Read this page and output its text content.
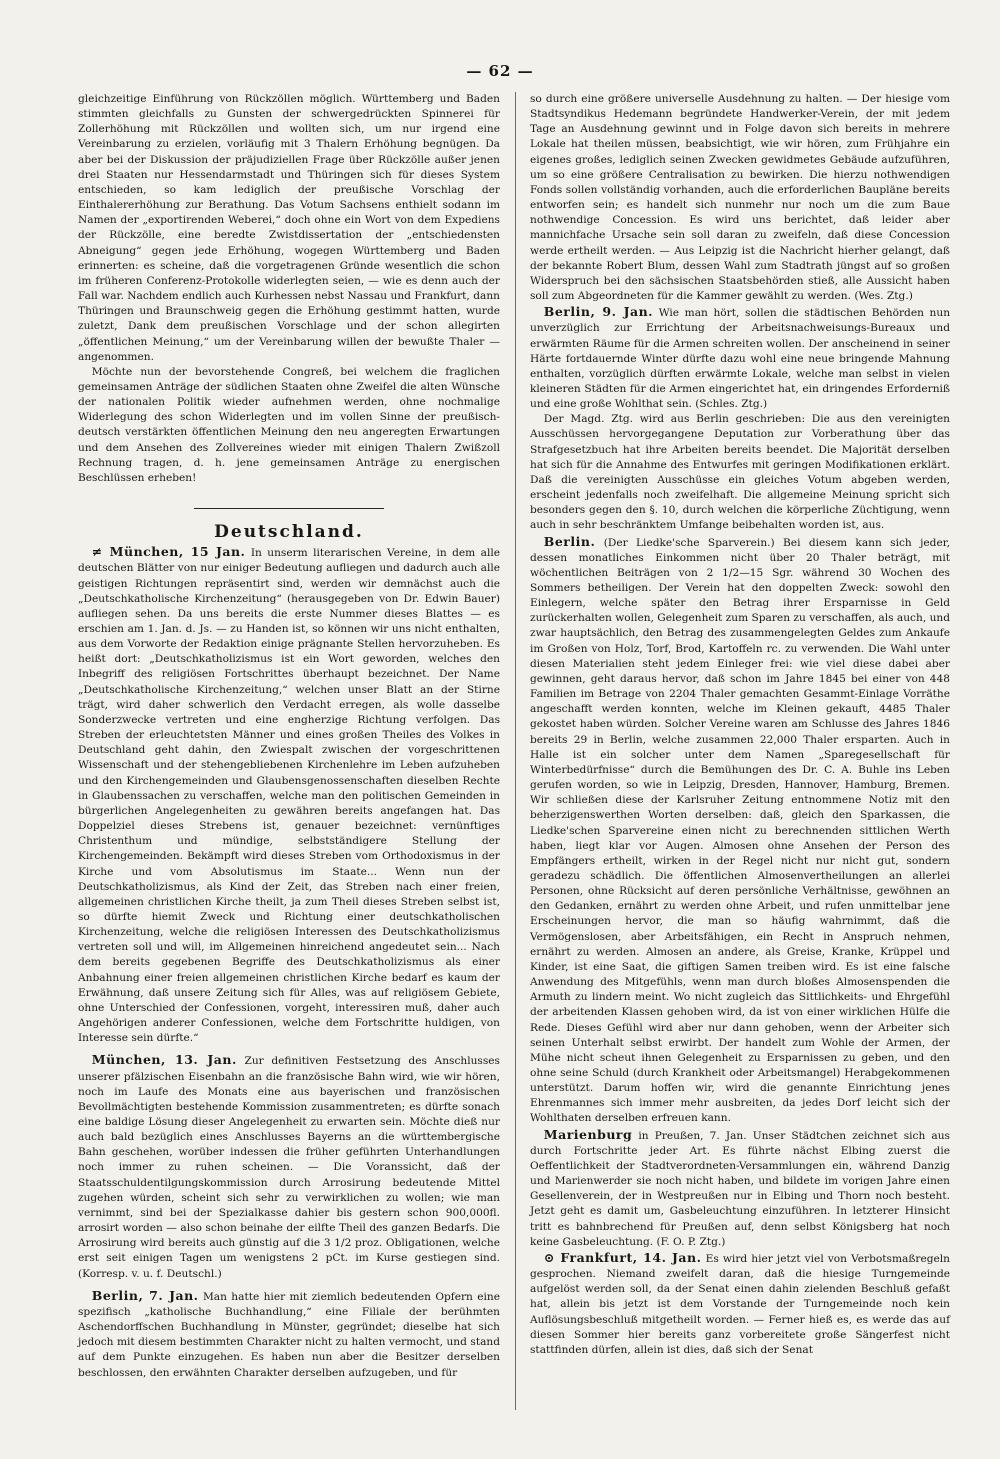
— 62 —

gleichzeitige Einführung von Rückzöllen möglich. Württemberg und Baden stimmten gleichfalls zu Gunsten der schwergedrückten Spinnerei für Zollerhöhung mit Rückzöllen und wollten sich, um nur irgend eine Vereinbarung zu erzielen, vorläufig mit 3 Thalern Erhöhung begnügen. Da aber bei der Diskussion der präjudiziellen Frage über Rückzölle außer jenen drei Staaten nur Hessendarmstadt und Thüringen sich für dieses System entschieden, so kam lediglich der preußische Vorschlag der Einthalererhöhung zur Berathung. Das Votum Sachsens enthielt sodann im Namen der „exportirenden Weberei,“ doch ohne ein Wort von dem Expediens der Rückzölle, eine beredte Zwistdissertation der „entschiedensten Abneigung“ gegen jede Erhöhung, wogegen Württemberg und Baden erinnerten: es scheine, daß die vorgetragenen Gründe wesentlich die schon im früheren Conferenz-Protokolle widerlegten seien, — wie es denn auch der Fall war. Nachdem endlich auch Kurhessen nebst Nassau und Frankfurt, dann Thüringen und Braunschweig gegen die Erhöhung gestimmt hatten, wurde zuletzt, Dank dem preußischen Vorschlage und der schon allegirten „öffentlichen Meinung,“ um der Vereinbarung willen der bewußte Thaler — angenommen.

Möchte nun der bevorstehende Congreß, bei welchem die fraglichen gemeinsamen Anträge der südlichen Staaten ohne Zweifel die alten Wünsche der nationalen Politik wieder aufnehmen werden, ohne nochmalige Widerlegung des schon Widerlegten und im vollen Sinne der preußisch-deutsch verstärkten öffentlichen Meinung den neu angeregten Erwartungen und dem Ansehen des Zollvereines wieder mit einigen Thalern Zwißzoll Rechnung tragen, d. h. jene gemeinsamen Anträge zu energischen Beschlüssen erheben!

Deutschland.

≠ München, 15 Jan. In unserm literarischen Vereine, in dem alle deutschen Blätter von nur einiger Bedeutung aufliegen und dadurch auch alle geistigen Richtungen repräsentirt sind, werden wir demnächst auch die „Deutschkatholische Kirchenzeitung“ (herausgegeben von Dr. Edwin Bauer) aufliegen sehen. Da uns bereits die erste Nummer dieses Blattes — es erschien am 1. Jan. d. Js. — zu Handen ist, so können wir uns nicht enthalten, aus dem Vorworte der Redaktion einige prägnante Stellen hervorzuheben. Es heißt dort: „Deutschkatholizismus ist ein Wort geworden, welches den Inbegriff des religiösen Fortschrittes überhaupt bezeichnet. Der Name „Deutschkatholische Kirchenzeitung,“ welchen unser Blatt an der Stirne trägt, wird daher schwerlich den Verdacht erregen, als wolle dasselbe Sonderzwecke vertreten und eine engherzige Richtung verfolgen. Das Streben der erleuchtetsten Männer und eines großen Theiles des Volkes in Deutschland geht dahin, den Zwiespalt zwischen der vorgeschrittenen Wissenschaft und der stehengebliebenen Kirchenlehre im Leben aufzuheben und den Kirchengemeinden und Glaubensgenossenschaften dieselben Rechte in Glaubenssachen zu verschaffen, welche man den politischen Gemeinden in bürgerlichen Angelegenheiten zu gewähren bereits angefangen hat. Das Doppelziel dieses Strebens ist, genauer bezeichnet: vernünftiges Christenthum und mündige, selbstständigere Stellung der Kirchengemeinden. Bekämpft wird dieses Streben vom Orthodoxismus in der Kirche und vom Absolutismus im Staate... Wenn nun der Deutschkatholizismus, als Kind der Zeit, das Streben nach einer freien, allgemeinen christlichen Kirche theilt, ja zum Theil dieses Streben selbst ist, so dürfte hiemit Zweck und Richtung einer deutschkatholischen Kirchenzeitung, welche die religiösen Interessen des Deutschkatholizismus vertreten soll und will, im Allgemeinen hinreichend angedeutet sein... Nach dem bereits gegebenen Begriffe des Deutschkatholizismus als einer Anbahnung einer freien allgemeinen christlichen Kirche bedarf es kaum der Erwähnung, daß unsere Zeitung sich für Alles, was auf religiösem Gebiete, ohne Unterschied der Confessionen, vorgeht, interessiren muß, daher auch Angehörigen anderer Confessionen, welche dem Fortschritte huldigen, von Interesse sein dürfte.“

München, 13. Jan. Zur definitiven Festsetzung des Anschlusses unserer pfälzischen Eisenbahn an die französische Bahn wird, wie wir hören, noch im Laufe des Monats eine aus bayerischen und französischen Bevollmächtigten bestehende Kommission zusammentreten; es dürfte sonach eine baldige Lösung dieser Angelegenheit zu erwarten sein. Möchte dieß nur auch bald bezüglich eines Anschlusses Bayerns an die württembergische Bahn geschehen, worüber indessen die früher geführten Unterhandlungen noch immer zu ruhen scheinen. — Die Voranssicht, daß der Staatsschuldentilgungskommission durch Arrosirung bedeutende Mittel zugehen würden, scheint sich sehr zu verwirklichen zu wollen; wie man vernimmt, sind bei der Spezialkasse dahier bis gestern schon 900,000fl. arrosirt worden — also schon beinahe der eilfte Theil des ganzen Bedarfs. Die Arrosirung wird bereits auch günstig auf die 3 1/2 proz. Obligationen, welche erst seit einigen Tagen um wenigstens 2 pCt. im Kurse gestiegen sind. (Korresp. v. u. f. Deutschl.)

Berlin, 7. Jan. Man hatte hier mit ziemlich bedeutenden Opfern eine spezifisch „katholische Buchhandlung,“ eine Filiale der berühmten Aschendorffschen Buchhandlung in Münster, gegründet; dieselbe hat sich jedoch mit diesem bestimmten Charakter nicht zu halten vermocht, und stand auf dem Punkte einzugehen. Es haben nun aber die Besitzer derselben beschlossen, den erwähnten Charakter derselben aufzugeben, und für

so durch eine größere universelle Ausdehnung zu halten. — Der hiesige vom Stadtsyndikus Hedemann begründete Handwerker-Verein, der mit jedem Tage an Ausdehnung gewinnt und in Folge davon sich bereits in mehrere Lokale hat theilen müssen, beabsichtigt, wie wir hören, zum Frühjahre ein eigenes großes, lediglich seinen Zwecken gewidmetes Gebäude aufzuführen, um so eine größere Centralisation zu bewirken. Die hierzu nothwendigen Fonds sollen vollständig vorhanden, auch die erforderlichen Baupläne bereits entworfen sein; es handelt sich nunmehr nur noch um die zum Baue nothwendige Concession. Es wird uns berichtet, daß leider aber mannichfache Ursache sein soll daran zu zweifeln, daß diese Concession werde ertheilt werden. — Aus Leipzig ist die Nachricht hierher gelangt, daß der bekannte Robert Blum, dessen Wahl zum Stadtrath jüngst auf so großen Widerspruch bei den sächsischen Staatsbehörden stieß, alle Aussicht haben soll zum Abgeordneten für die Kammer gewählt zu werden. (Wes. Ztg.)

Berlin, 9. Jan. Wie man hört, sollen die städtischen Behörden nun unverzüglich zur Errichtung der Arbeitsnachweisungs-Bureaux und erwärmten Räume für die Armen schreiten wollen. Der anscheinend in seiner Härte fortdauernde Winter dürfte dazu wohl eine neue bringende Mahnung enthalten, vorzüglich dürften erwärmte Lokale, welche man selbst in vielen kleineren Städten für die Armen eingerichtet hat, ein dringendes Erforderniß und eine große Wohlthat sein. (Schles. Ztg.)

Der Magd. Ztg. wird aus Berlin geschrieben: Die aus den vereinigten Ausschüssen hervorgegangene Deputation zur Vorberathung über das Strafgesetzbuch hat ihre Arbeiten bereits beendet. Die Majorität derselben hat sich für die Annahme des Entwurfes mit geringen Modifikationen erklärt. Daß die vereinigten Ausschüsse ein gleiches Votum abgeben werden, erscheint jedenfalls noch zweifelhaft. Die allgemeine Meinung spricht sich besonders gegen den §. 10, durch welchen die körperliche Züchtigung, wenn auch in sehr beschränktem Umfange beibehalten worden ist, aus.

Berlin. (Der Liedke'sche Sparverein.) Bei diesem kann sich jeder, dessen monatliches Einkommen nicht über 20 Thaler beträgt, mit wöchentlichen Beiträgen von 2 1/2—15 Sgr. während 30 Wochen des Sommers betheiligen. Der Verein hat den doppelten Zweck: sowohl den Einlegern, welche später den Betrag ihrer Ersparnisse in Geld zurückerhalten wollen, Gelegenheit zum Sparen zu verschaffen, als auch, und zwar hauptsächlich, den Betrag des zusammengelegten Geldes zum Ankaufe im Großen von Holz, Torf, Brod, Kartoffeln rc. zu verwenden. Die Wahl unter diesen Materialien steht jedem Einleger frei: wie viel diese dabei aber gewinnen, geht daraus hervor, daß schon im Jahre 1845 bei einer von 448 Familien im Betrage von 2204 Thaler gemachten Gesammt-Einlage Vorräthe angeschafft werden konnten, welche im Kleinen gekauft, 4485 Thaler gekostet haben würden. Solcher Vereine waren am Schlusse des Jahres 1846 bereits 29 in Berlin, welche zusammen 22,000 Thaler ersparten. Auch in Halle ist ein solcher unter dem Namen „Sparegesellschaft für Winterbedürfnisse“ durch die Bemühungen des Dr. C. A. Buhle ins Leben gerufen worden, so wie in Leipzig, Dresden, Hannover, Hamburg, Bremen. Wir schließen diese der Karlsruher Zeitung entnommene Notiz mit den beherzigenswerthen Worten derselben: daß, gleich den Sparkassen, die Liedke'schen Sparvereine einen nicht zu berechnenden sittlichen Werth haben, liegt klar vor Augen. Almosen ohne Ansehen der Person des Empfängers ertheilt, wirken in der Regel nicht nur nicht gut, sondern geradezu schädlich. Die öffentlichen Almosenvertheilungen an allerlei Personen, ohne Rücksicht auf deren persönliche Verhältnisse, gewöhnen an den Gedanken, ernährt zu werden ohne Arbeit, und rufen unmittelbar jene Erscheinungen hervor, die man so häufig wahrnimmt, daß die Vermögenslosen, aber Arbeitsfähigen, ein Recht in Anspruch nehmen, ernährt zu werden. Almosen an andere, als Greise, Kranke, Krüppel und Kinder, ist eine Saat, die giftigen Samen treiben wird. Es ist eine falsche Anwendung des Mitgefühls, wenn man durch bloßes Almosenspenden die Armuth zu lindern meint. Wo nicht zugleich das Sittlichkeits- und Ehrgefühl der arbeitenden Klassen gehoben wird, da ist von einer wirklichen Hülfe die Rede. Dieses Gefühl wird aber nur dann gehoben, wenn der Arbeiter sich seinen Unterhalt selbst erwirbt. Der handelt zum Wohle der Armen, der Mühe nicht scheut ihnen Gelegenheit zu Ersparnissen zu geben, und den ohne seine Schuld (durch Krankheit oder Arbeitsmangel) Herabgekommenen unterstützt. Darum hoffen wir, wird die genannte Einrichtung jenes Ehrenmannes sich immer mehr ausbreiten, da jedes Dorf leicht sich der Wohlthaten derselben erfreuen kann.

Marienburg in Preußen, 7. Jan. Unser Städtchen zeichnet sich aus durch Fortschritte jeder Art. Es führte nächst Elbing zuerst die Oeffentlichkeit der Stadtverordneten-Versammlungen ein, während Danzig und Marienwerder sie noch nicht haben, und bildete im vorigen Jahre einen Gesellenverein, der in Westpreußen nur in Elbing und Thorn noch besteht. Jetzt geht es damit um, Gasbeleuchtung einzuführen. In letzterer Hinsicht tritt es bahnbrechend für Preußen auf, denn selbst Königsberg hat noch keine Gasbeleuchtung. (F. O. P. Ztg.)

⊙ Frankfurt, 14. Jan. Es wird hier jetzt viel von Verbotsmaßregeln gesprochen. Niemand zweifelt daran, daß die hiesige Turngemeinde aufgelöst werden soll, da der Senat einen dahin zielenden Beschluß gefaßt hat, allein bis jetzt ist dem Vorstande der Turngemeinde noch kein Auflösungsbeschluß mitgetheilt worden. — Ferner hieß es, es werde das auf diesen Sommer hier bereits ganz vorbereitete große Sängerfest nicht stattfinden dürfen, allein ist dies, daß sich der Senat
